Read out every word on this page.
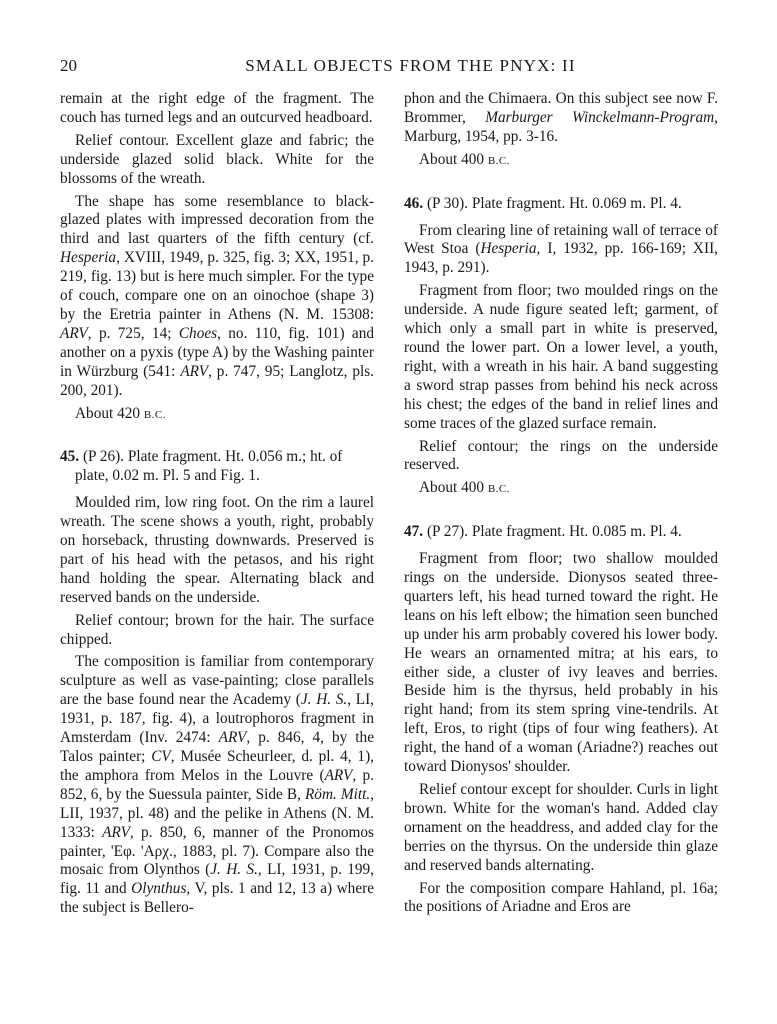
20	SMALL OBJECTS FROM THE PNYX: II

remain at the right edge of the fragment. The couch has turned legs and an outcurved headboard.

Relief contour. Excellent glaze and fabric; the underside glazed solid black. White for the blossoms of the wreath.

The shape has some resemblance to black-glazed plates with impressed decoration from the third and last quarters of the fifth century (cf. Hesperia, XVIII, 1949, p. 325, fig. 3; XX, 1951, p. 219, fig. 13) but is here much simpler. For the type of couch, compare one on an oinochoe (shape 3) by the Eretria painter in Athens (N. M. 15308: ARV, p. 725, 14; Choes, no. 110, fig. 101) and another on a pyxis (type A) by the Washing painter in Würzburg (541: ARV, p. 747, 95; Langlotz, pls. 200, 201).

About 420 B.C.

45. (P 26). Plate fragment. Ht. 0.056 m.; ht. of plate, 0.02 m. Pl. 5 and Fig. 1.

Moulded rim, low ring foot. On the rim a laurel wreath. The scene shows a youth, right, probably on horseback, thrusting downwards. Preserved is part of his head with the petasos, and his right hand holding the spear. Alternating black and reserved bands on the underside.

Relief contour; brown for the hair. The surface chipped.

The composition is familiar from contemporary sculpture as well as vase-painting; close parallels are the base found near the Academy (J. H. S., LI, 1931, p. 187, fig. 4), a loutrophoros fragment in Amsterdam (Inv. 2474: ARV, p. 846, 4, by the Talos painter; CV, Musée Scheurleer, d. pl. 4, 1), the amphora from Melos in the Louvre (ARV, p. 852, 6, by the Suessula painter, Side B, Röm. Mitt., LII, 1937, pl. 48) and the pelike in Athens (N. M. 1333: ARV, p. 850, 6, manner of the Pronomos painter, 'Εφ. 'Αρχ., 1883, pl. 7). Compare also the mosaic from Olynthos (J. H. S., LI, 1931, p. 199, fig. 11 and Olynthus, V, pls. 1 and 12, 13 a) where the subject is Bellero-

phon and the Chimaera. On this subject see now F. Brommer, Marburger Winckelmann-Program, Marburg, 1954, pp. 3-16.

About 400 B.C.

46. (P 30). Plate fragment. Ht. 0.069 m. Pl. 4.

From clearing line of retaining wall of terrace of West Stoa (Hesperia, I, 1932, pp. 166-169; XII, 1943, p. 291).

Fragment from floor; two moulded rings on the underside. A nude figure seated left; garment, of which only a small part in white is preserved, round the lower part. On a lower level, a youth, right, with a wreath in his hair. A band suggesting a sword strap passes from behind his neck across his chest; the edges of the band in relief lines and some traces of the glazed surface remain.

Relief contour; the rings on the underside reserved.

About 400 B.C.

47. (P 27). Plate fragment. Ht. 0.085 m. Pl. 4.

Fragment from floor; two shallow moulded rings on the underside. Dionysos seated three-quarters left, his head turned toward the right. He leans on his left elbow; the himation seen bunched up under his arm probably covered his lower body. He wears an ornamented mitra; at his ears, to either side, a cluster of ivy leaves and berries. Beside him is the thyrsus, held probably in his right hand; from its stem spring vine-tendrils. At left, Eros, to right (tips of four wing feathers). At right, the hand of a woman (Ariadne?) reaches out toward Dionysos' shoulder.

Relief contour except for shoulder. Curls in light brown. White for the woman's hand. Added clay ornament on the headdress, and added clay for the berries on the thyrsus. On the underside thin glaze and reserved bands alternating.

For the composition compare Hahland, pl. 16a; the positions of Ariadne and Eros are
